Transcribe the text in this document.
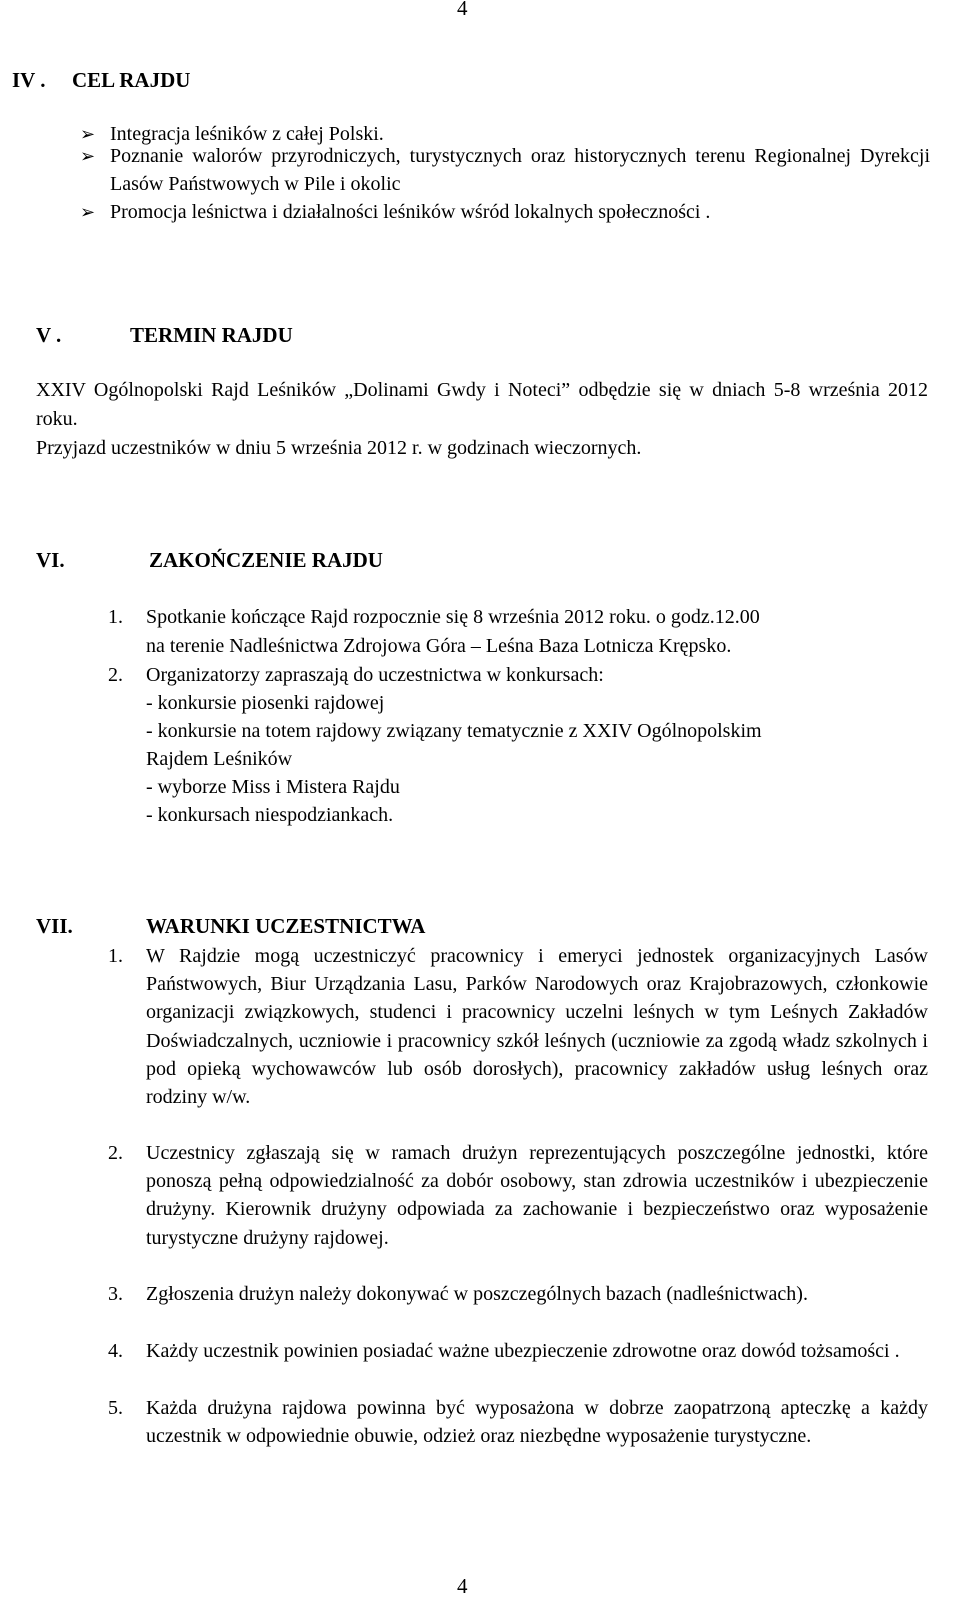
4
IV . CEL RAJDU
➢ Integracja leśników z całej Polski.
➢ Poznanie walorów przyrodniczych, turystycznych oraz historycznych terenu Regionalnej Dyrekcji Lasów Państwowych w Pile i okolic
➢ Promocja leśnictwa i działalności leśników wśród lokalnych społeczności .
V .	TERMIN RAJDU
XXIV Ogólnopolski Rajd Leśników „Dolinami Gwdy i Noteci” odbędzie się w dniach 5-8 września 2012 roku.
Przyjazd uczestników w dniu 5 września 2012 r. w godzinach wieczornych.
VI.	ZAKOŃCZENIE RAJDU
1. Spotkanie kończące Rajd rozpocznie się 8 września 2012 roku. o godz.12.00
na terenie Nadleśnictwa Zdrojowa Góra – Leśna Baza Lotnicza Krępsko.
2. Organizatorzy zapraszają do uczestnictwa w konkursach:
- konkursie piosenki rajdowej
- konkursie na totem rajdowy związany tematycznie z XXIV Ogólnopolskim
Rajdem Leśników
- wyborze Miss i Mistera Rajdu
- konkursach niespodziankach.
VII.	WARUNKI UCZESTNICTWA
1. W Rajdzie mogą uczestniczyć pracownicy i emeryci jednostek organizacyjnych Lasów     Państwowych, Biur Urządzania Lasu, Parków Narodowych oraz Krajobrazowych, członkowie organizacji związkowych, studenci i pracownicy uczelni leśnych w tym Leśnych Zakładów Doświadczalnych, uczniowie i pracownicy szkół leśnych (uczniowie za zgodą władz szkolnych i pod opieką wychowawców lub osób dorosłych), pracownicy zakładów usług leśnych oraz rodziny w/w.
2. Uczestnicy zgłaszają się w ramach drużyn reprezentujących poszczególne jednostki, które ponoszą pełną odpowiedzialność za dobór osobowy, stan zdrowia uczestników i ubezpieczenie drużyny. Kierownik drużyny odpowiada za zachowanie i bezpieczeństwo oraz wyposażenie turystyczne drużyny rajdowej.
3. Zgłoszenia drużyn należy dokonywać w poszczególnych bazach (nadleśnictwach).
4. Każdy uczestnik powinien posiadać ważne ubezpieczenie zdrowotne oraz dowód tożsamości .
5. Każda drużyna rajdowa powinna być wyposażona w dobrze zaopatrzoną apteczkę a każdy uczestnik w odpowiednie obuwie, odzież oraz niezbędne wyposażenie turystyczne.
4
